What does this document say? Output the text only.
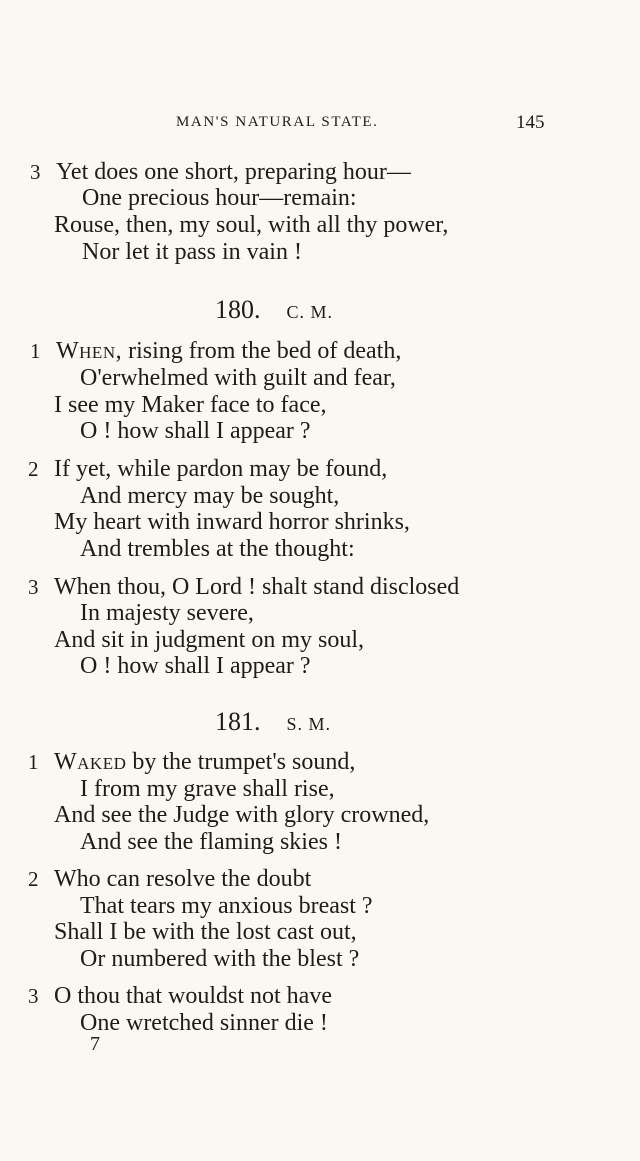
MAN'S NATURAL STATE.	145
3 Yet does one short, preparing hour—
One precious hour—remain:
Rouse, then, my soul, with all thy power,
Nor let it pass in vain !
180. C. M.
1 When, rising from the bed of death,
O'erwhelmed with guilt and fear,
I see my Maker face to face,
O ! how shall I appear ?
2 If yet, while pardon may be found,
And mercy may be sought,
My heart with inward horror shrinks,
And trembles at the thought:
3 When thou, O Lord ! shalt stand disclosed
In majesty severe,
And sit in judgment on my soul,
O ! how shall I appear ?
181. S. M.
1 Waked by the trumpet's sound,
I from my grave shall rise,
And see the Judge with glory crowned,
And see the flaming skies !
2 Who can resolve the doubt
That tears my anxious breast ?
Shall I be with the lost cast out,
Or numbered with the blest ?
3 O thou that wouldst not have
One wretched sinner die !
7
